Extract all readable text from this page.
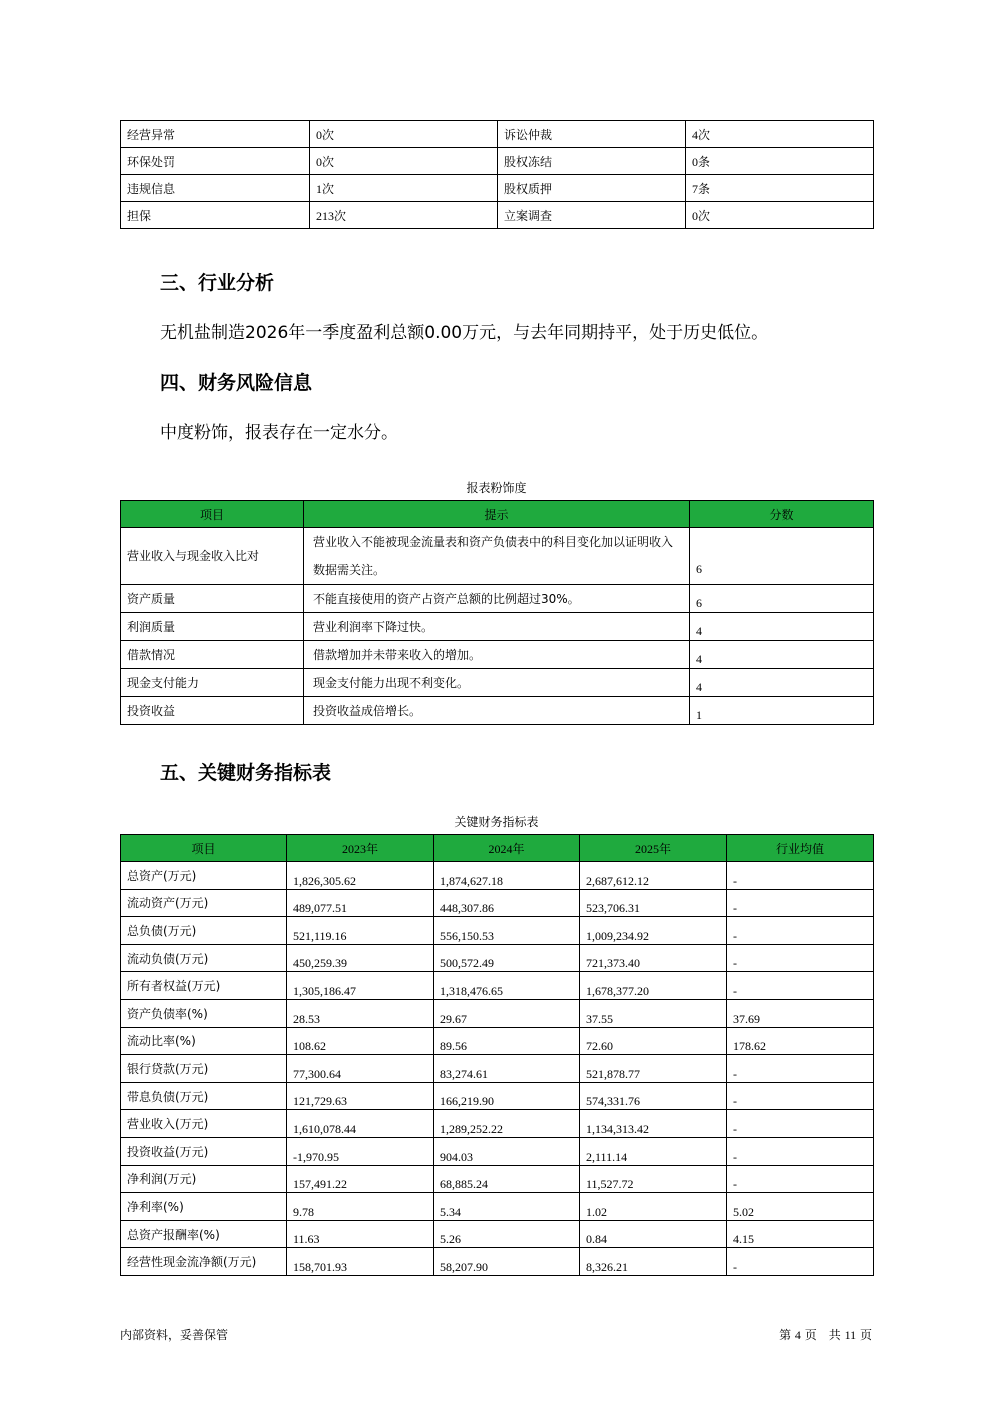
经营异常	0次	诉讼仲裁	4次
环保处罚	0次	股权冻结	0条
违规信息	1次	股权质押	7条
担保	213次	立案调查	0次
三、行业分析
无机盐制造2026年一季度盈利总额0.00万元，与去年同期持平，处于历史低位。
四、财务风险信息
中度粉饰，报表存在一定水分。
报表粉饰度
项目	提示	分数
营业收入与现金收入比对	营业收入不能被现金流量表和资产负债表中的科目变化加以证明收入数据需关注。	6
资产质量	不能直接使用的资产占资产总额的比例超过30%。	6
利润质量	营业利润率下降过快。	4
借款情况	借款增加并未带来收入的增加。	4
现金支付能力	现金支付能力出现不利变化。	4
投资收益	投资收益成倍增长。	1
五、关键财务指标表
关键财务指标表
项目	2023年	2024年	2025年	行业均值
总资产(万元)	1,826,305.62	1,874,627.18	2,687,612.12	-
流动资产(万元)	489,077.51	448,307.86	523,706.31	-
总负债(万元)	521,119.16	556,150.53	1,009,234.92	-
流动负债(万元)	450,259.39	500,572.49	721,373.40	-
所有者权益(万元)	1,305,186.47	1,318,476.65	1,678,377.20	-
资产负债率(%)	28.53	29.67	37.55	37.69
流动比率(%)	108.62	89.56	72.60	178.62
银行贷款(万元)	77,300.64	83,274.61	521,878.77	-
带息负债(万元)	121,729.63	166,219.90	574,331.76	-
营业收入(万元)	1,610,078.44	1,289,252.22	1,134,313.42	-
投资收益(万元)	-1,970.95	904.03	2,111.14	-
净利润(万元)	157,491.22	68,885.24	11,527.72	-
净利率(%)	9.78	5.34	1.02	5.02
总资产报酬率(%)	11.63	5.26	0.84	4.15
经营性现金流净额(万元)	158,701.93	58,207.90	8,326.21	-
内部资料，妥善保管	第 4 页　共 11 页
